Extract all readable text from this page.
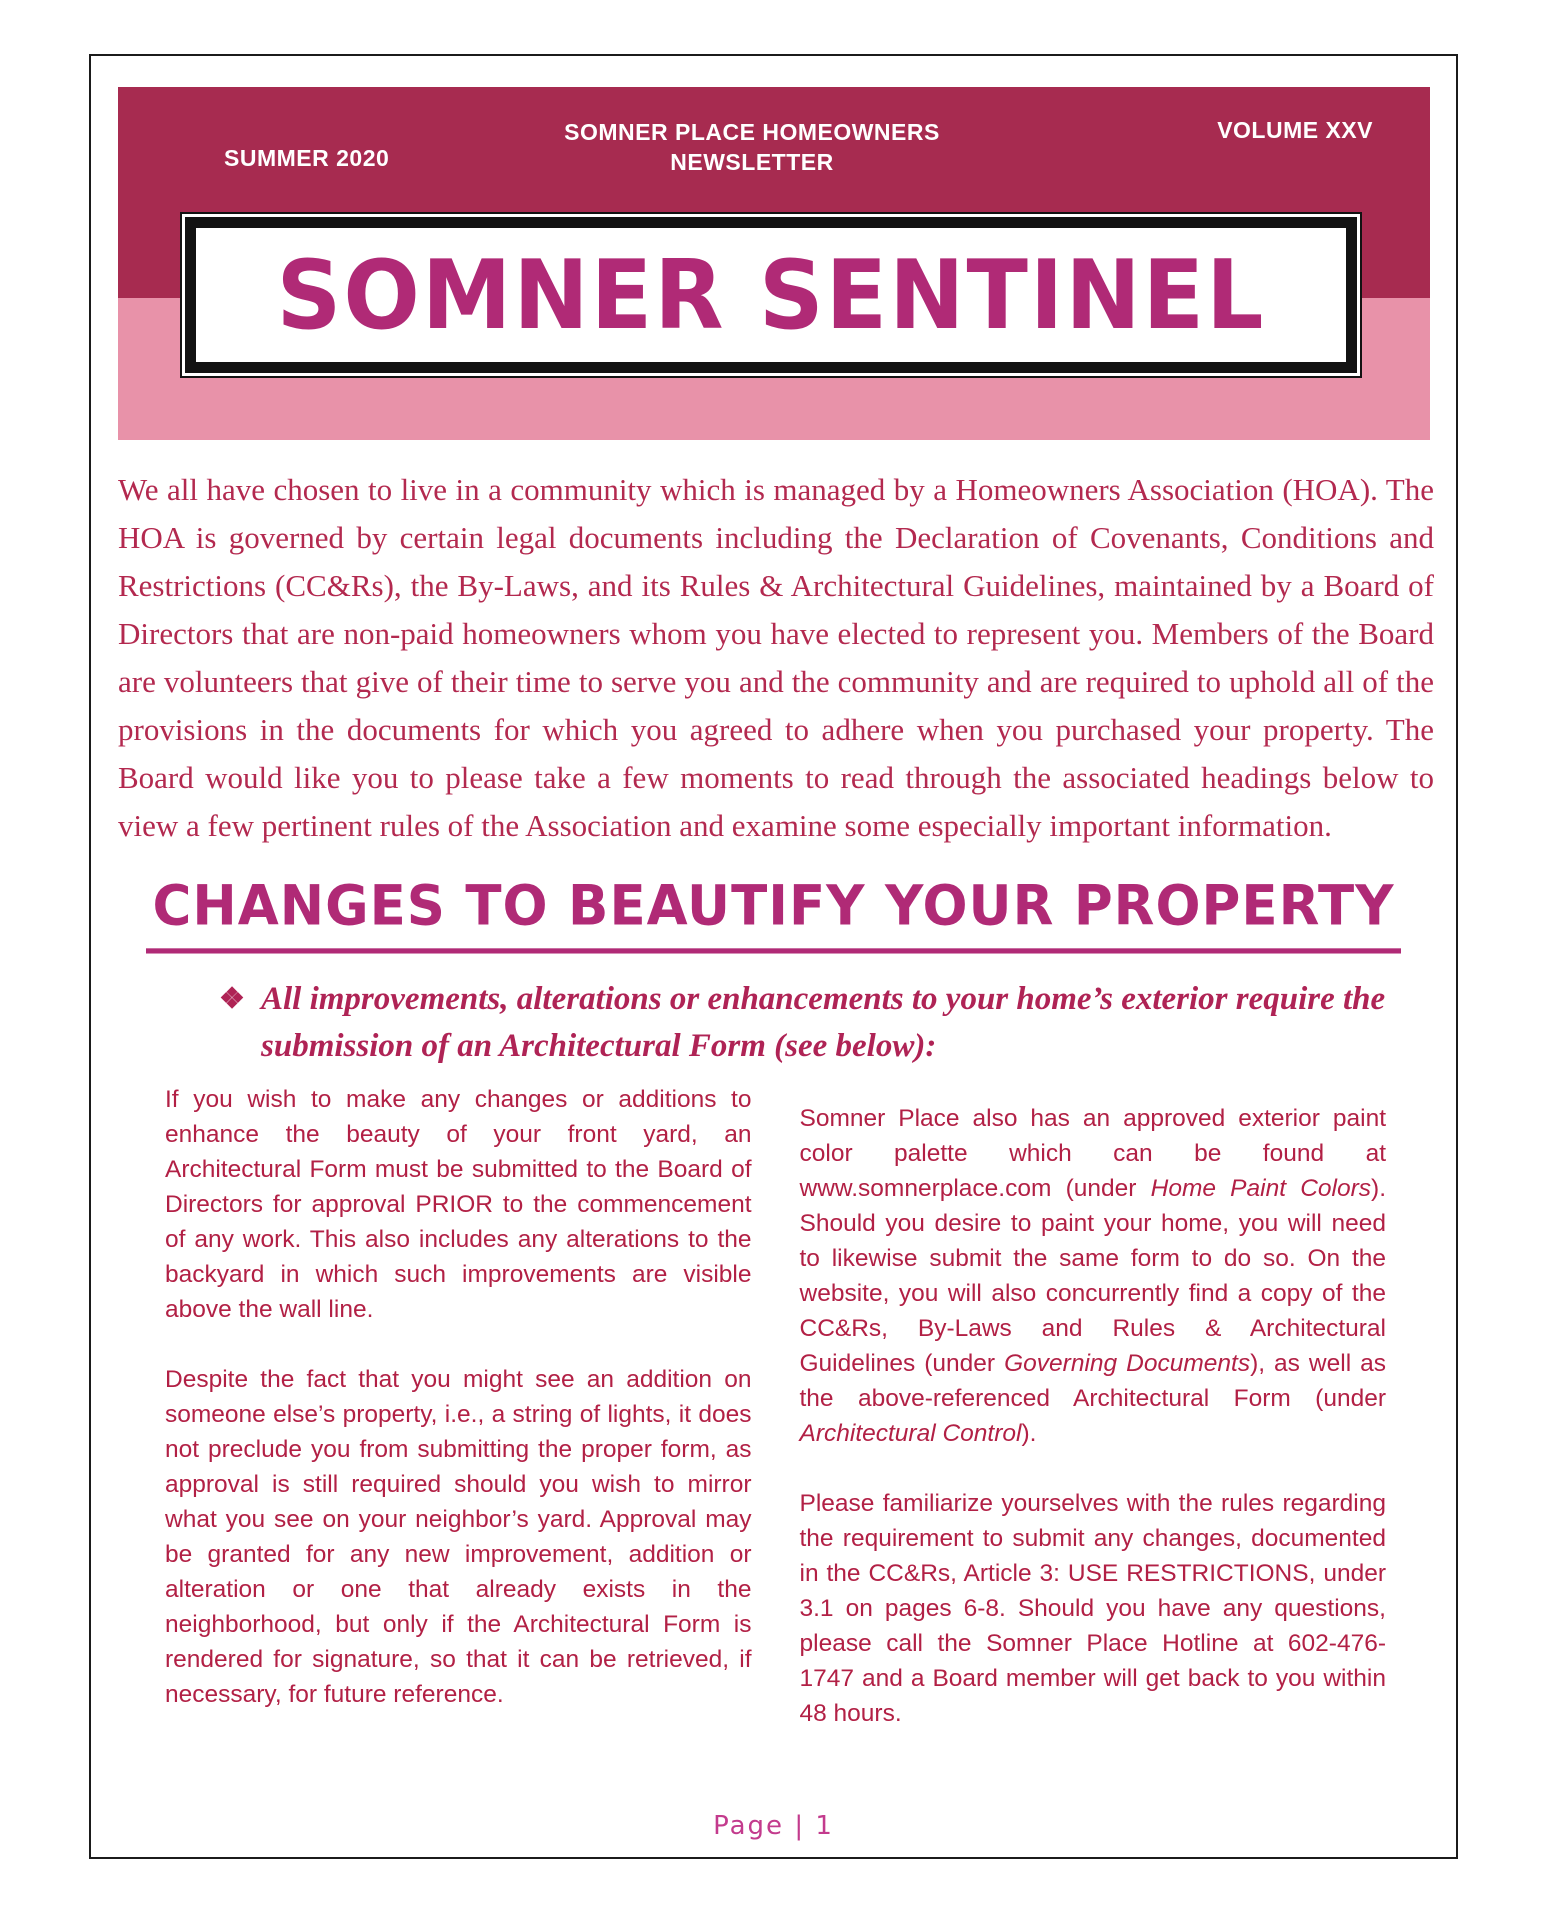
SUMMER 2020
SOMNER PLACE HOMEOWNERS
NEWSLETTER
VOLUME XXV
SOMNER SENTINEL

We all have chosen to live in a community which is managed by a Homeowners Association (HOA). The HOA is governed by certain legal documents including the Declaration of Covenants, Conditions and Restrictions (CC&Rs), the By-Laws, and its Rules & Architectural Guidelines, maintained by a Board of Directors that are non-paid homeowners whom you have elected to represent you. Members of the Board are volunteers that give of their time to serve you and the community and are required to uphold all of the provisions in the documents for which you agreed to adhere when you purchased your property. The Board would like you to please take a few moments to read through the associated headings below to view a few pertinent rules of the Association and examine some especially important information.

CHANGES TO BEAUTIFY YOUR PROPERTY
❖ All improvements, alterations or enhancements to your home’s exterior require the submission of an Architectural Form (see below):

If you wish to make any changes or additions to enhance the beauty of your front yard, an Architectural Form must be submitted to the Board of Directors for approval PRIOR to the commencement of any work. This also includes any alterations to the backyard in which such improvements are visible above the wall line.

Despite the fact that you might see an addition on someone else’s property, i.e., a string of lights, it does not preclude you from submitting the proper form, as approval is still required should you wish to mirror what you see on your neighbor’s yard. Approval may be granted for any new improvement, addition or alteration or one that already exists in the neighborhood, but only if the Architectural Form is rendered for signature, so that it can be retrieved, if necessary, for future reference.

Somner Place also has an approved exterior paint color palette which can be found at www.somnerplace.com (under Home Paint Colors). Should you desire to paint your home, you will need to likewise submit the same form to do so. On the website, you will also concurrently find a copy of the CC&Rs, By-Laws and Rules & Architectural Guidelines (under Governing Documents), as well as the above-referenced Architectural Form (under Architectural Control).

Please familiarize yourselves with the rules regarding the requirement to submit any changes, documented in the CC&Rs, Article 3: USE RESTRICTIONS, under 3.1 on pages 6-8. Should you have any questions, please call the Somner Place Hotline at 602-476-1747 and a Board member will get back to you within 48 hours.

Page | 1
